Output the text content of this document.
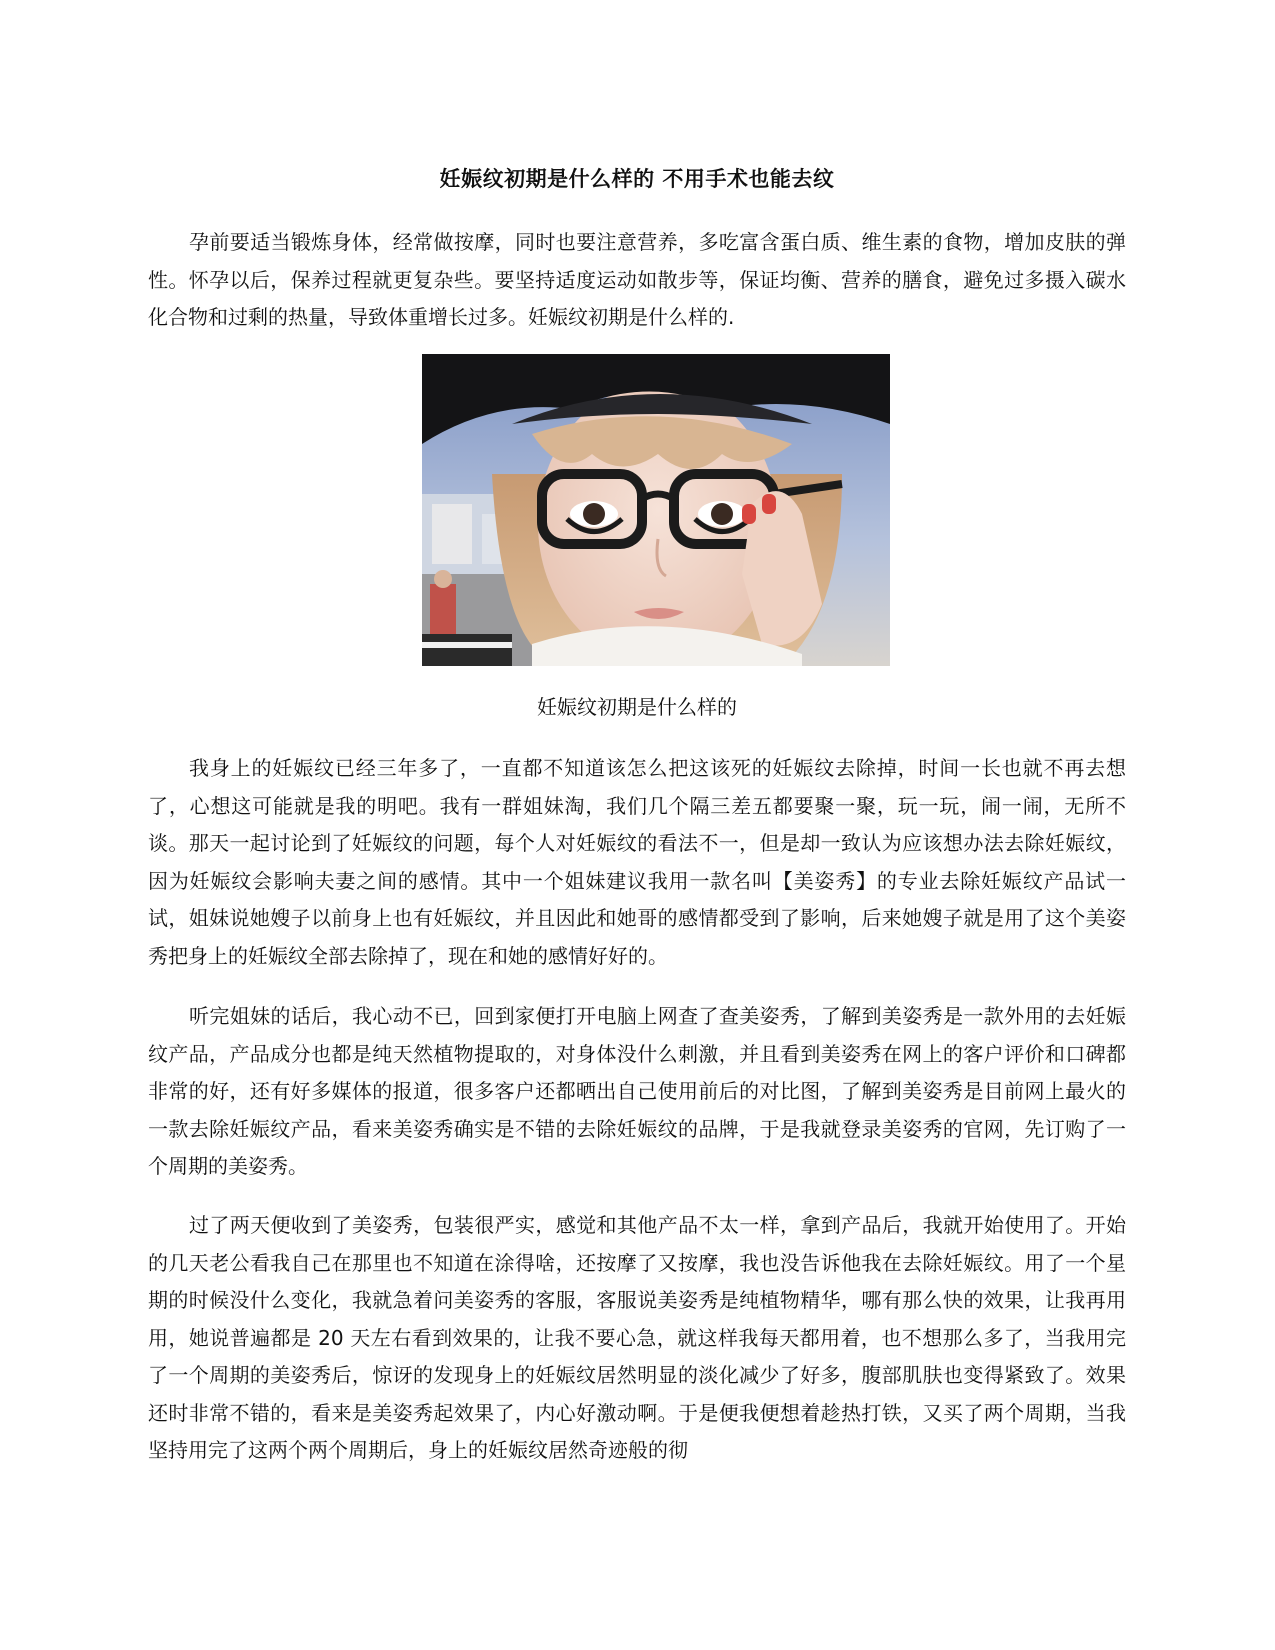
妊娠纹初期是什么样的 不用手术也能去纹

孕前要适当锻炼身体，经常做按摩，同时也要注意营养，多吃富含蛋白质、维生素的食物，增加皮肤的弹性。怀孕以后，保养过程就更复杂些。要坚持适度运动如散步等，保证均衡、营养的膳食，避免过多摄入碳水化合物和过剩的热量，导致体重增长过多。妊娠纹初期是什么样的.

妊娠纹初期是什么样的

我身上的妊娠纹已经三年多了，一直都不知道该怎么把这该死的妊娠纹去除掉，时间一长也就不再去想了，心想这可能就是我的明吧。我有一群姐妹淘，我们几个隔三差五都要聚一聚，玩一玩，闹一闹，无所不谈。那天一起讨论到了妊娠纹的问题，每个人对妊娠纹的看法不一，但是却一致认为应该想办法去除妊娠纹，因为妊娠纹会影响夫妻之间的感情。其中一个姐妹建议我用一款名叫【美姿秀】的专业去除妊娠纹产品试一试，姐妹说她嫂子以前身上也有妊娠纹，并且因此和她哥的感情都受到了影响，后来她嫂子就是用了这个美姿秀把身上的妊娠纹全部去除掉了，现在和她的感情好好的。

听完姐妹的话后，我心动不已，回到家便打开电脑上网查了查美姿秀，了解到美姿秀是一款外用的去妊娠纹产品，产品成分也都是纯天然植物提取的，对身体没什么刺激，并且看到美姿秀在网上的客户评价和口碑都非常的好，还有好多媒体的报道，很多客户还都晒出自己使用前后的对比图，了解到美姿秀是目前网上最火的一款去除妊娠纹产品，看来美姿秀确实是不错的去除妊娠纹的品牌，于是我就登录美姿秀的官网，先订购了一个周期的美姿秀。

过了两天便收到了美姿秀，包装很严实，感觉和其他产品不太一样，拿到产品后，我就开始使用了。开始的几天老公看我自己在那里也不知道在涂得啥，还按摩了又按摩，我也没告诉他我在去除妊娠纹。用了一个星期的时候没什么变化，我就急着问美姿秀的客服，客服说美姿秀是纯植物精华，哪有那么快的效果，让我再用用，她说普遍都是 20 天左右看到效果的，让我不要心急，就这样我每天都用着，也不想那么多了，当我用完了一个周期的美姿秀后，惊讶的发现身上的妊娠纹居然明显的淡化减少了好多，腹部肌肤也变得紧致了。效果还时非常不错的，看来是美姿秀起效果了，内心好激动啊。于是便我便想着趁热打铁，又买了两个周期，当我坚持用完了这两个两个周期后，身上的妊娠纹居然奇迹般的彻
